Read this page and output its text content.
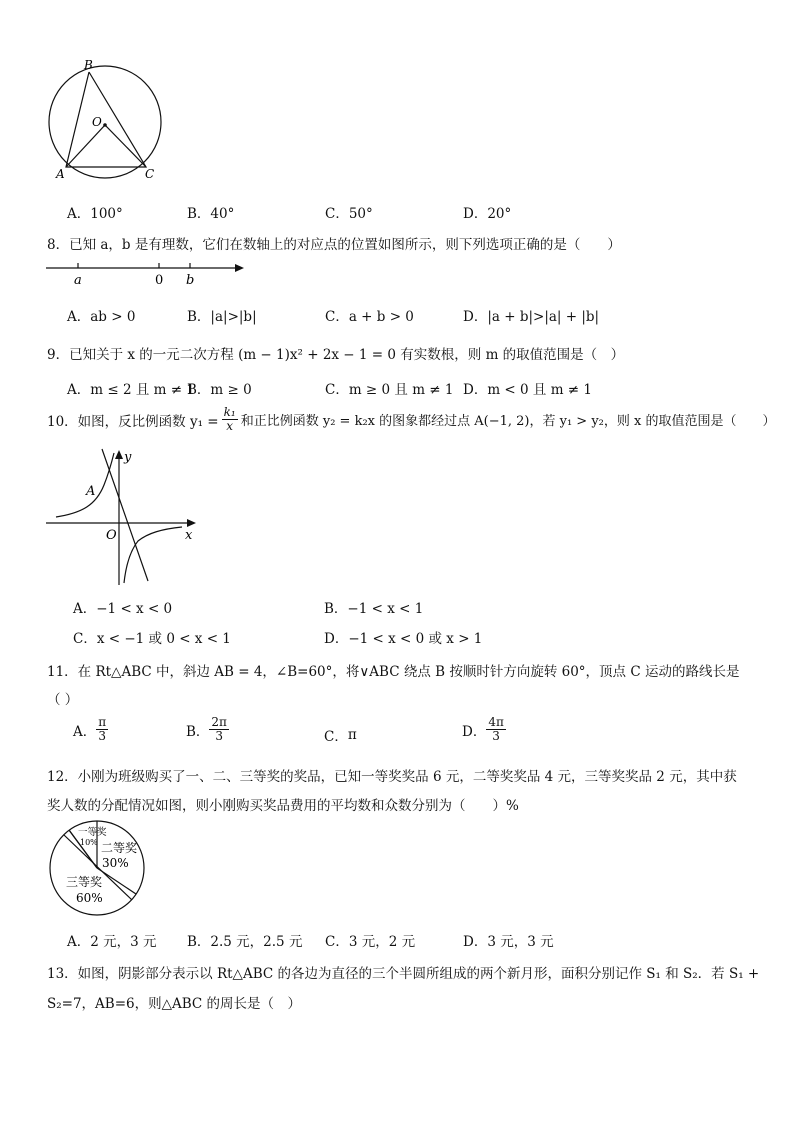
B
O
A	C
A．100°	B．40°	C．50°	D．20°
8．已知 a，b 是有理数，它们在数轴上的对应点的位置如图所示，则下列选项正确的是（　　）
a	0 b
A．ab > 0	B．|a|>|b|	C．a + b > 0	D．|a + b|>|a| + |b|
9．已知关于 x 的一元二次方程 (m − 1)x² + 2x − 1 = 0 有实数根，则 m 的取值范围是（　）
A．m ≤ 2 且 m ≠ 1
B．m ≥ 0	C．m ≥ 0 且 m ≠ 1 D．m < 0 且 m ≠ 1
10．如图，反比例函数 $y_1 = \frac{\text{k₁}}{x}$ 和正比例函数 y₂ = k₂x 的图象都经过点 A(−1, 2)，若 y₁ > y₂，则 x 的取值范围是（　　）
y
A
O	x
A．−1 < x < 0	B．−1 < x < 1
C．x < −1 或 0 < x < 1	D．−1 < x < 0 或 x > 1
11．在 Rt△ABC 中，斜边 AB = 4，∠B=60°，将∨ABC 绕点 B 按顺时针方向旋转 60°，顶点 C 运动的路线长是
（ ）
A． $\frac{\pi}{3}$	B． $\frac{2\pi}{3}$	C． π	D． $\frac{4\pi}{3}$
12．小刚为班级购买了一、二、三等奖的奖品，已知一等奖奖品 6 元，二等奖奖品 4 元，三等奖奖品 2 元，其中获
奖人数的分配情况如图，则小刚购买奖品费用的平均数和众数分别为（　　）%
一等奖
10% 二等奖
30%
三等奖
60%
A．2 元，3 元 B．2.5 元，2.5 元 C．3 元，2 元	D．3 元，3 元
13．如图，阴影部分表示以 Rt△ABC 的各边为直径的三个半圆所组成的两个新月形，面积分别记作 S₁ 和 S₂．若 S₁ +
S₂=7，AB=6，则△ABC 的周长是（　）
